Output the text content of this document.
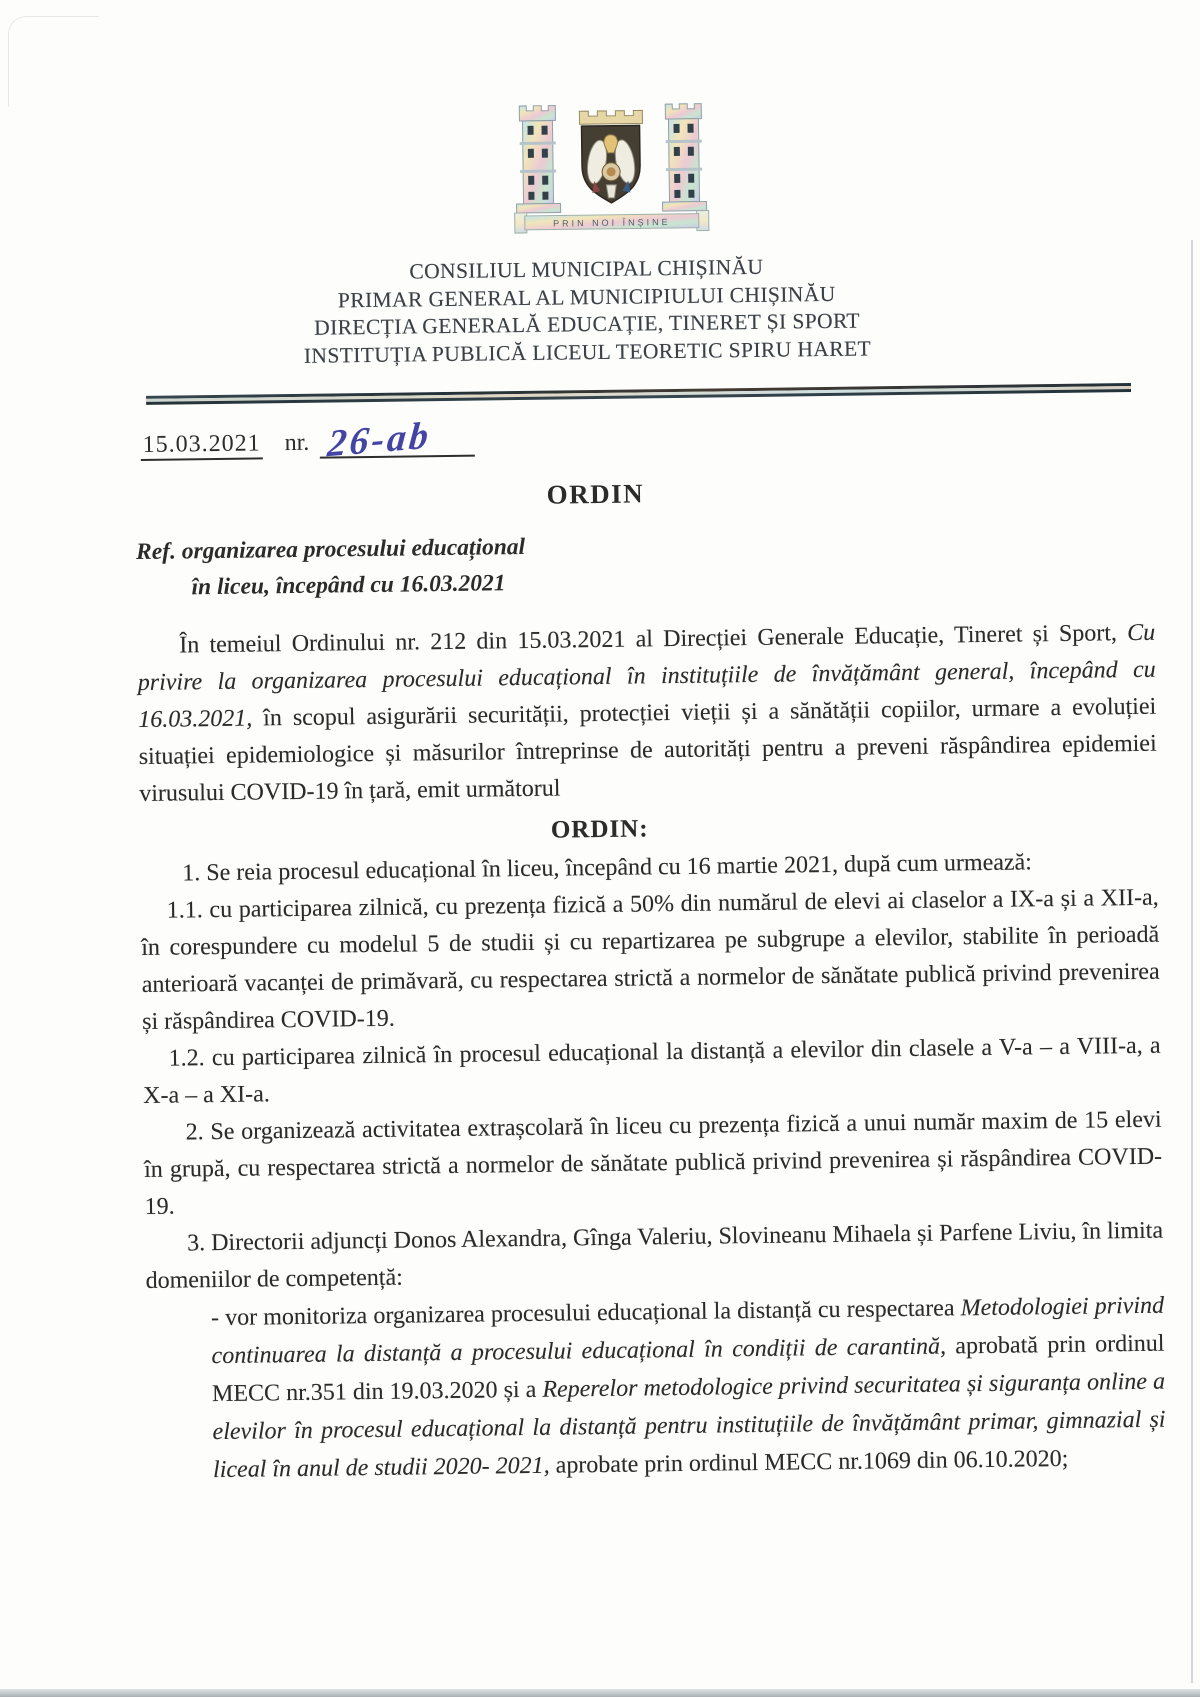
PRIN NOI ÎNȘINE
CONSILIUL MUNICIPAL CHIȘINĂU
PRIMAR GENERAL AL MUNICIPIULUI CHIȘINĂU
DIRECȚIA GENERALĂ EDUCAȚIE, TINERET ȘI SPORT
INSTITUȚIA PUBLICĂ LICEUL TEORETIC SPIRU HARET
15.03.2021 nr. 26-ab
ORDIN
Ref. organizarea procesului educațional
în liceu, începând cu 16.03.2021

În temeiul Ordinului nr. 212 din 15.03.2021 al Direcției Generale Educație, Tineret și Sport, Cu privire la organizarea procesului educațional în instituțiile de învățământ general, începând cu 16.03.2021, în scopul asigurării securității, protecției vieții și a sănătății copiilor, urmare a evoluției situației epidemiologice și măsurilor întreprinse de autorități pentru a preveni răspândirea epidemiei virusului COVID-19 în țară, emit următorul

ORDIN:

1. Se reia procesul educațional în liceu, începând cu 16 martie 2021, după cum urmează:

1.1. cu participarea zilnică, cu prezența fizică a 50% din numărul de elevi ai claselor a IX-a și a XII-a, în corespundere cu modelul 5 de studii și cu repartizarea pe subgrupe a elevilor, stabilite în perioadă anterioară vacanței de primăvară, cu respectarea strictă a normelor de sănătate publică privind prevenirea și răspândirea COVID-19.

1.2. cu participarea zilnică în procesul educațional la distanță a elevilor din clasele a V-a – a VIII-a, a X-a – a XI-a.

2. Se organizează activitatea extrașcolară în liceu cu prezența fizică a unui număr maxim de 15 elevi în grupă, cu respectarea strictă a normelor de sănătate publică privind prevenirea și răspândirea COVID-19.

3. Directorii adjuncți Donos Alexandra, Gînga Valeriu, Slovineanu Mihaela și Parfene Liviu, în limita domeniilor de competență:

- vor monitoriza organizarea procesului educațional la distanță cu respectarea Metodologiei privind continuarea la distanță a procesului educațional în condiții de carantină, aprobată prin ordinul MECC nr.351 din 19.03.2020 și a Reperelor metodologice privind securitatea și siguranța online a elevilor în procesul educațional la distanță pentru instituțiile de învățământ primar, gimnazial și liceal în anul de studii 2020- 2021, aprobate prin ordinul MECC nr.1069 din 06.10.2020;
